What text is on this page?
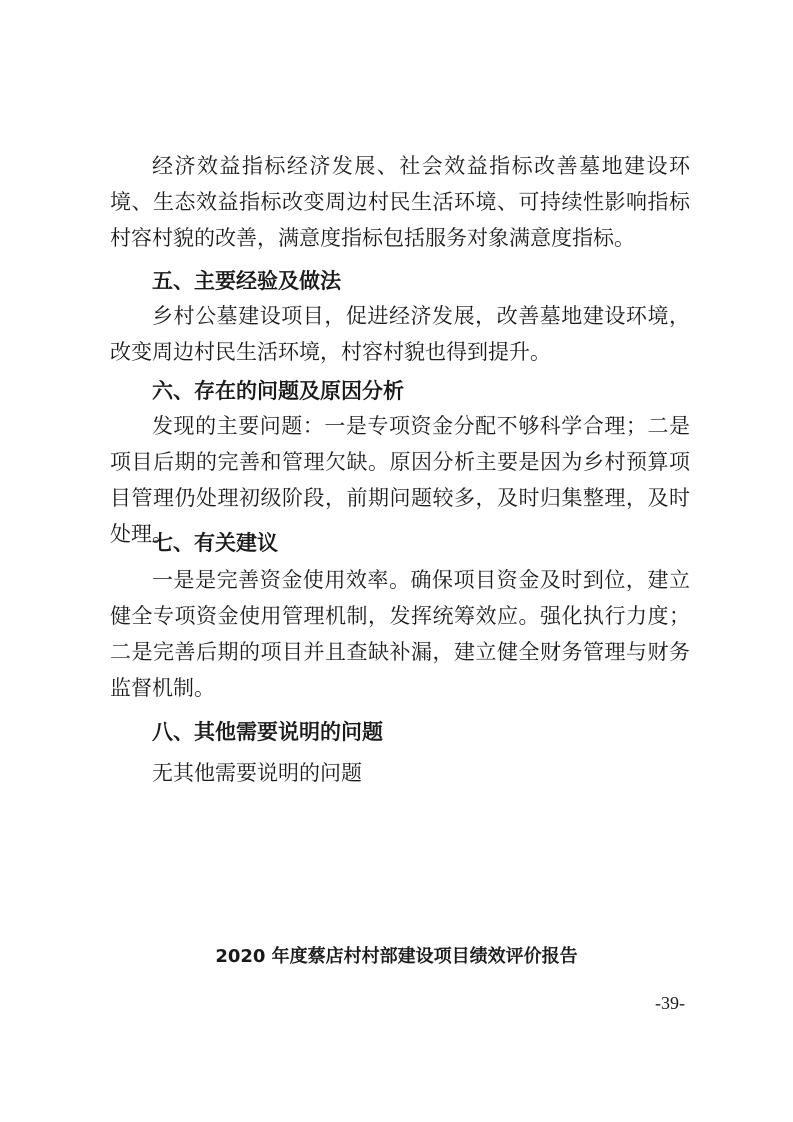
经济效益指标经济发展、社会效益指标改善墓地建设环境、生态效益指标改变周边村民生活环境、可持续性影响指标村容村貌的改善，满意度指标包括服务对象满意度指标。

五、主要经验及做法

乡村公墓建设项目，促进经济发展，改善墓地建设环境，改变周边村民生活环境，村容村貌也得到提升。

六、存在的问题及原因分析

发现的主要问题：一是专项资金分配不够科学合理；二是项目后期的完善和管理欠缺。原因分析主要是因为乡村预算项目管理仍处理初级阶段，前期问题较多，及时归集整理，及时处理。

七、有关建议

一是是完善资金使用效率。确保项目资金及时到位，建立健全专项资金使用管理机制，发挥统筹效应。强化执行力度；二是完善后期的项目并且查缺补漏，建立健全财务管理与财务监督机制。

八、其他需要说明的问题

无其他需要说明的问题

2020 年度蔡店村村部建设项目绩效评价报告
-39-
